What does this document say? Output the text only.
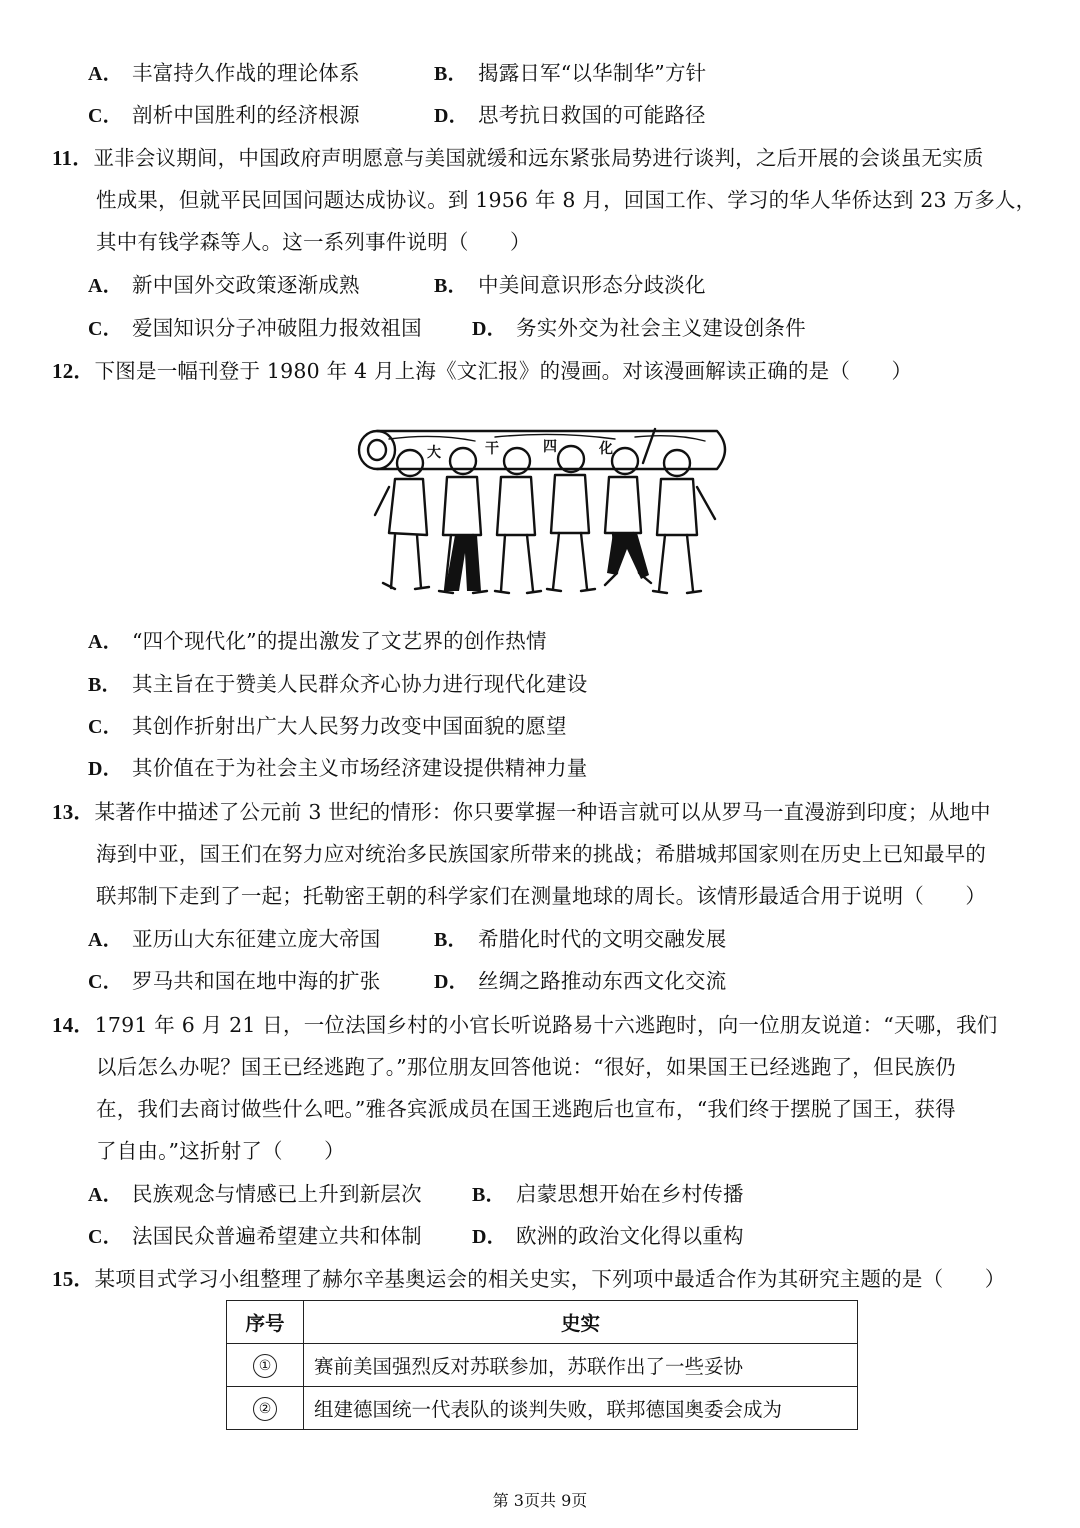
A． 丰富持久作战的理论体系	B． 揭露日军“以华制华”方针
C． 剖析中国胜利的经济根源	D． 思考抗日救国的可能路径
11．亚非会议期间，中国政府声明愿意与美国就缓和远东紧张局势进行谈判，之后开展的会谈虽无实质
性成果，但就平民回国问题达成协议。到 1956 年 8 月，回国工作、学习的华人华侨达到 23 万多人，
其中有钱学森等人。这一系列事件说明（　　）
A． 新中国外交政策逐渐成熟	B． 中美间意识形态分歧淡化
C． 爱国知识分子冲破阻力报效祖国	D． 务实外交为社会主义建设创条件
12．下图是一幅刊登于 1980 年 4 月上海《文汇报》的漫画。对该漫画解读正确的是（　　）
大	干	四	化
A． “四个现代化”的提出激发了文艺界的创作热情
B． 其主旨在于赞美人民群众齐心协力进行现代化建设
C． 其创作折射出广大人民努力改变中国面貌的愿望
D． 其价值在于为社会主义市场经济建设提供精神力量
13．某著作中描述了公元前 3 世纪的情形：你只要掌握一种语言就可以从罗马一直漫游到印度；从地中
海到中亚，国王们在努力应对统治多民族国家所带来的挑战；希腊城邦国家则在历史上已知最早的
联邦制下走到了一起；托勒密王朝的科学家们在测量地球的周长。该情形最适合用于说明（　　）
A． 亚历山大东征建立庞大帝国	B． 希腊化时代的文明交融发展
C． 罗马共和国在地中海的扩张	D． 丝绸之路推动东西文化交流
14．1791 年 6 月 21 日，一位法国乡村的小官长听说路易十六逃跑时，向一位朋友说道：“天哪，我们
以后怎么办呢？国王已经逃跑了。”那位朋友回答他说：“很好，如果国王已经逃跑了，但民族仍
在，我们去商讨做些什么吧。”雅各宾派成员在国王逃跑后也宣布，“我们终于摆脱了国王，获得
了自由。”这折射了（　　）
A． 民族观念与情感已上升到新层次	B． 启蒙思想开始在乡村传播
C． 法国民众普遍希望建立共和体制	D． 欧洲的政治文化得以重构
15．某项目式学习小组整理了赫尔辛基奥运会的相关史实，下列项中最适合作为其研究主题的是（　　）
序号	史实
①	赛前美国强烈反对苏联参加，苏联作出了一些妥协
②	组建德国统一代表队的谈判失败，联邦德国奥委会成为
第 3页共 9页
